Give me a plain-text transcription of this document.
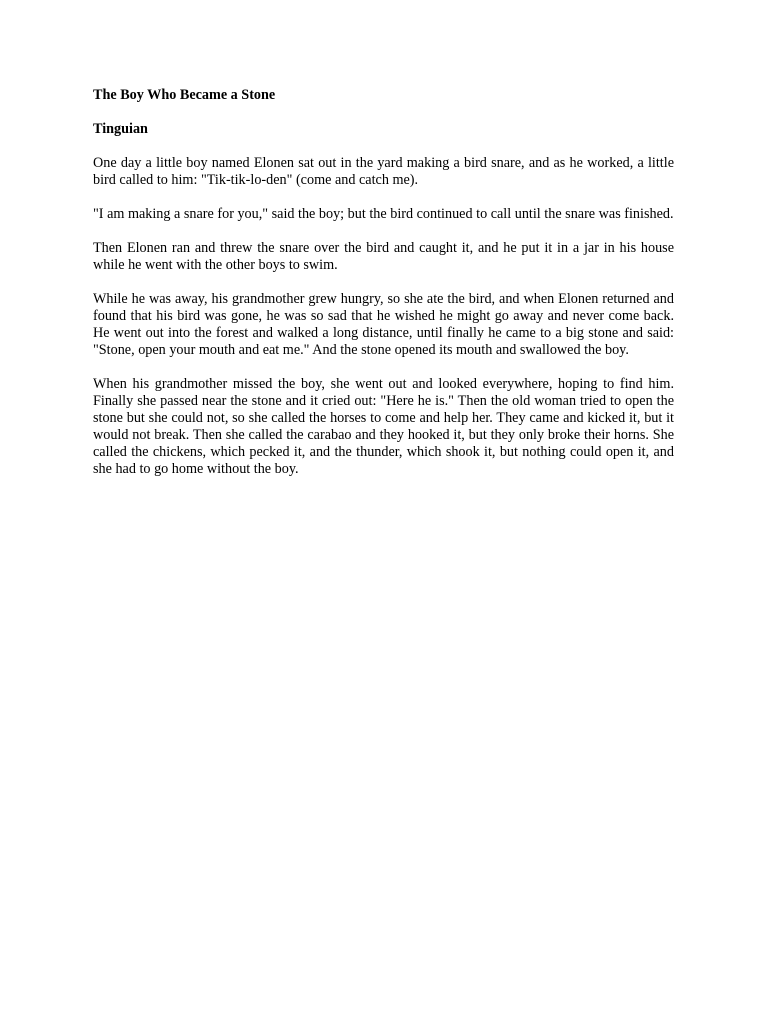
The Boy Who Became a Stone
Tinguian

One day a little boy named Elonen sat out in the yard making a bird snare, and as he worked, a little bird called to him: "Tik-tik-lo-den" (come and catch me).

"I am making a snare for you," said the boy; but the bird continued to call until the snare was finished.

Then Elonen ran and threw the snare over the bird and caught it, and he put it in a jar in his house while he went with the other boys to swim.

While he was away, his grandmother grew hungry, so she ate the bird, and when Elonen returned and found that his bird was gone, he was so sad that he wished he might go away and never come back. He went out into the forest and walked a long distance, until finally he came to a big stone and said: "Stone, open your mouth and eat me." And the stone opened its mouth and swallowed the boy.

When his grandmother missed the boy, she went out and looked everywhere, hoping to find him. Finally she passed near the stone and it cried out: "Here he is." Then the old woman tried to open the stone but she could not, so she called the horses to come and help her. They came and kicked it, but it would not break. Then she called the carabao and they hooked it, but they only broke their horns. She called the chickens, which pecked it, and the thunder, which shook it, but nothing could open it, and she had to go home without the boy.
